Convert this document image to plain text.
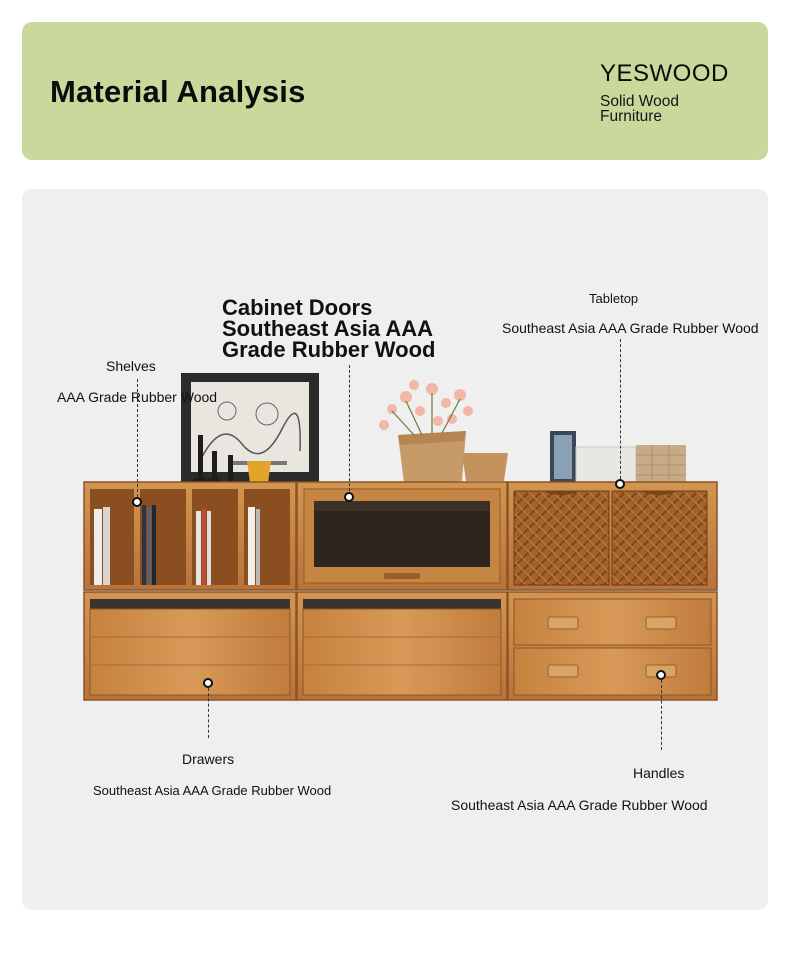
Material Analysis
YESWOOD
Solid Wood
Furniture
Cabinet Doors
Southeast Asia AAA
Grade Rubber Wood
Shelves
AAA Grade Rubber Wood
Tabletop
Southeast Asia AAA Grade Rubber Wood
Drawers
Southeast Asia AAA Grade Rubber Wood
Handles
Southeast Asia AAA Grade Rubber Wood
